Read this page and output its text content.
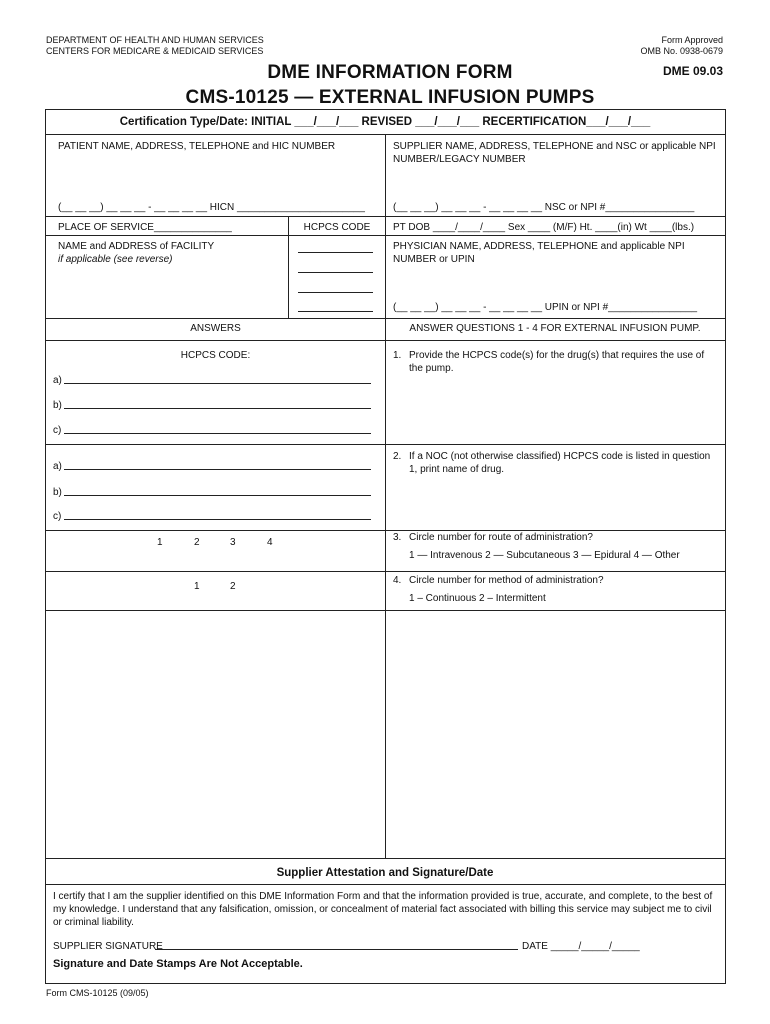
DEPARTMENT OF HEALTH AND HUMAN SERVICES
CENTERS FOR MEDICARE & MEDICAID SERVICES
Form Approved
OMB No. 0938-0679
DME INFORMATION FORM
CMS-10125 — EXTERNAL INFUSION PUMPS
DME 09.03
Certification Type/Date: INITIAL ___/___/___ REVISED ___/___/___ RECERTIFICATION___/___/___
PATIENT NAME, ADDRESS, TELEPHONE and HIC NUMBER
(__ __ __) __ __ __ - __ __ __ __ HICN _______________________
SUPPLIER NAME, ADDRESS, TELEPHONE and NSC or applicable NPI NUMBER/LEGACY NUMBER
(__ __ __) __ __ __ - __ __ __ __ NSC or NPI #________________
PLACE OF SERVICE______________	HCPCS CODE	PT DOB ____/____/____ Sex ____ (M/F) Ht. ____(in) Wt ____(lbs.)
NAME and ADDRESS of FACILITY
if applicable (see reverse)
PHYSICIAN NAME, ADDRESS, TELEPHONE and applicable NPI NUMBER or UPIN
(__ __ __) __ __ __ - __ __ __ __ UPIN or NPI #________________
ANSWERS	ANSWER QUESTIONS 1 - 4 FOR EXTERNAL INFUSION PUMP.
HCPCS CODE:
a)
b)
c)
1. Provide the HCPCS code(s) for the drug(s) that requires the use of the pump.
a)
b)
c)
2. If a NOC (not otherwise classified) HCPCS code is listed in question 1, print name of drug.
1	2	3	4	3. Circle number for route of administration?
1 — Intravenous 2 — Subcutaneous 3 — Epidural 4 — Other
1	2
4. Circle number for method of administration?
1 – Continuous 2 – Intermittent
Supplier Attestation and Signature/Date
I certify that I am the supplier identified on this DME Information Form and that the information provided is true, accurate, and complete, to the best of my knowledge. I understand that any falsification, omission, or concealment of material fact associated with billing this service may subject me to civil or criminal liability.
SUPPLIER SIGNATURE	DATE _____/_____/_____
Signature and Date Stamps Are Not Acceptable.
Form CMS-10125 (09/05)
